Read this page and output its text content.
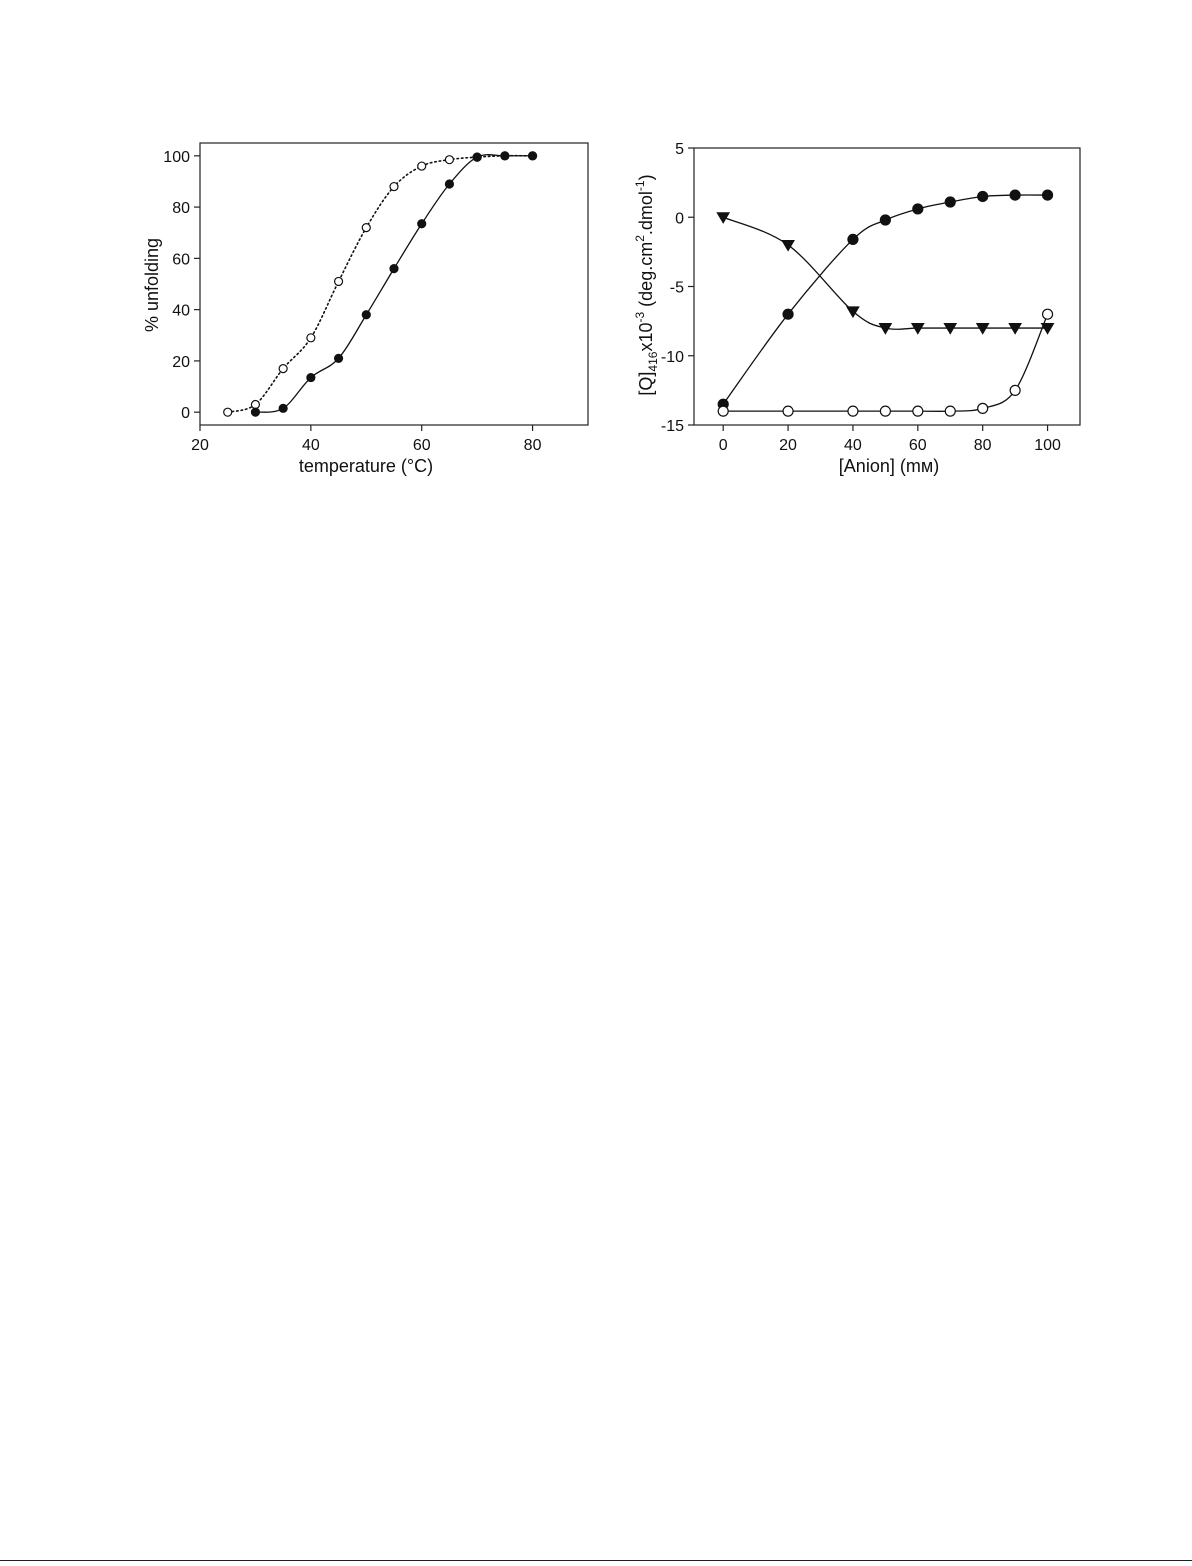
20	40	60	80
0
20
40
60
80
100
temperature (°C)
% unfolding
0	20	40	60	80	100
-15
-10
-5
0
5
[Anion] (mм)
$[Q]_{416}x10^{-3}$ $(deg.cm^2.dmol^{-1})$
